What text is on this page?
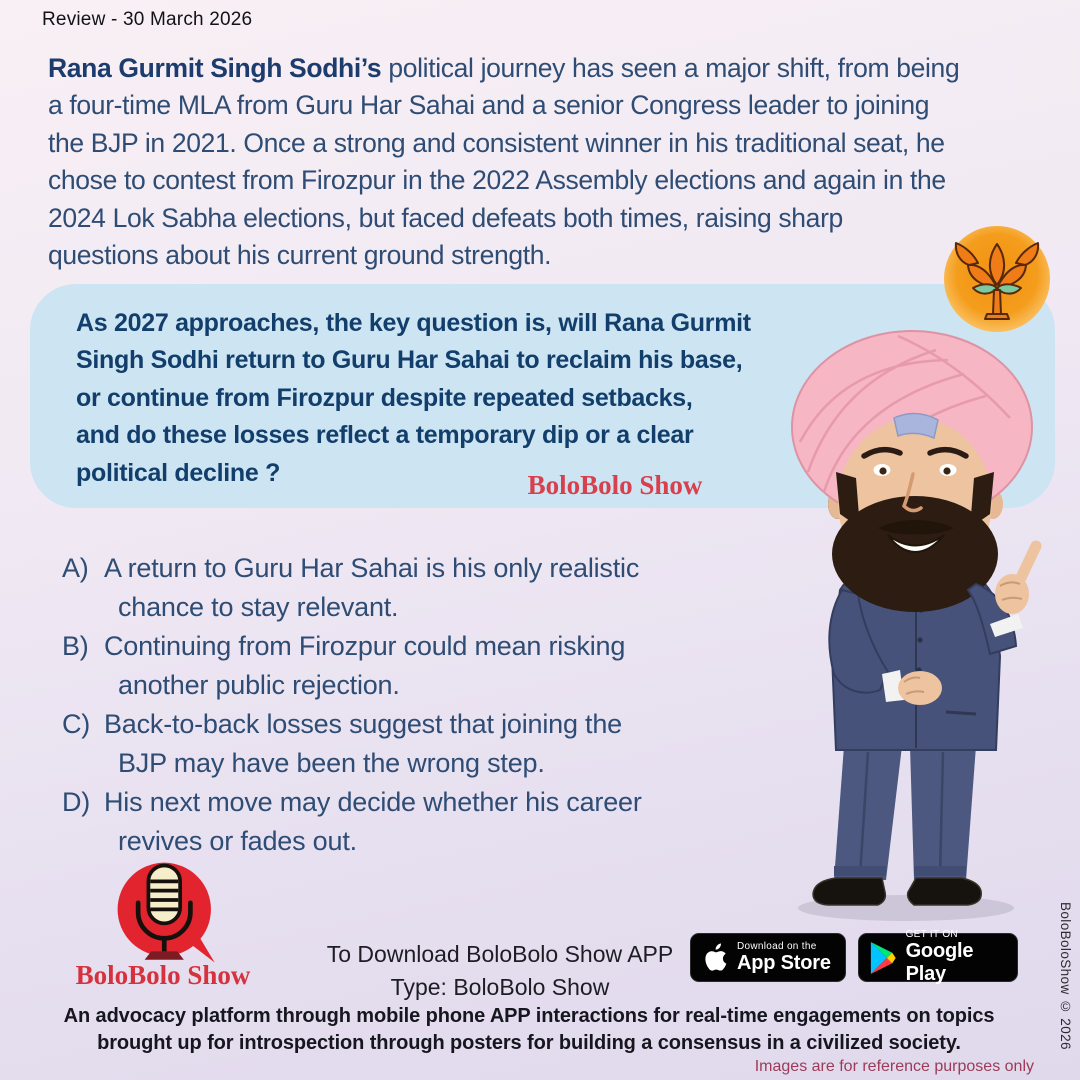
Review - 30 March 2026
Rana Gurmit Singh Sodhi’s political journey has seen a major shift, from being
a four-time MLA from Guru Har Sahai and a senior Congress leader to joining
the BJP in 2021. Once a strong and consistent winner in his traditional seat, he
chose to contest from Firozpur in the 2022 Assembly elections and again in the
2024 Lok Sabha elections, but faced defeats both times, raising sharp
questions about his current ground strength.
As 2027 approaches, the key question is, will Rana Gurmit
Singh Sodhi return to Guru Har Sahai to reclaim his base,
or continue from Firozpur despite repeated setbacks,
and do these losses reflect a temporary dip or a clear
political decline ?	BoloBolo Show
A) A return to Guru Har Sahai is his only realistic
chance to stay relevant.
B) Continuing from Firozpur could mean risking
another public rejection.
C) Back-to-back losses suggest that joining the
BJP may have been the wrong step.
D) His next move may decide whether his career
revives or fades out.
BoloBolo Show
To Download BoloBolo Show APP
Type: BoloBolo Show
Download on the
App Store
GET IT ON
Google Play
An advocacy platform through mobile phone APP interactions for real-time engagements on topics
brought up for introspection through posters for building a consensus in a civilized society.
Images are for reference purposes only
BoloBoloShow © 2026
